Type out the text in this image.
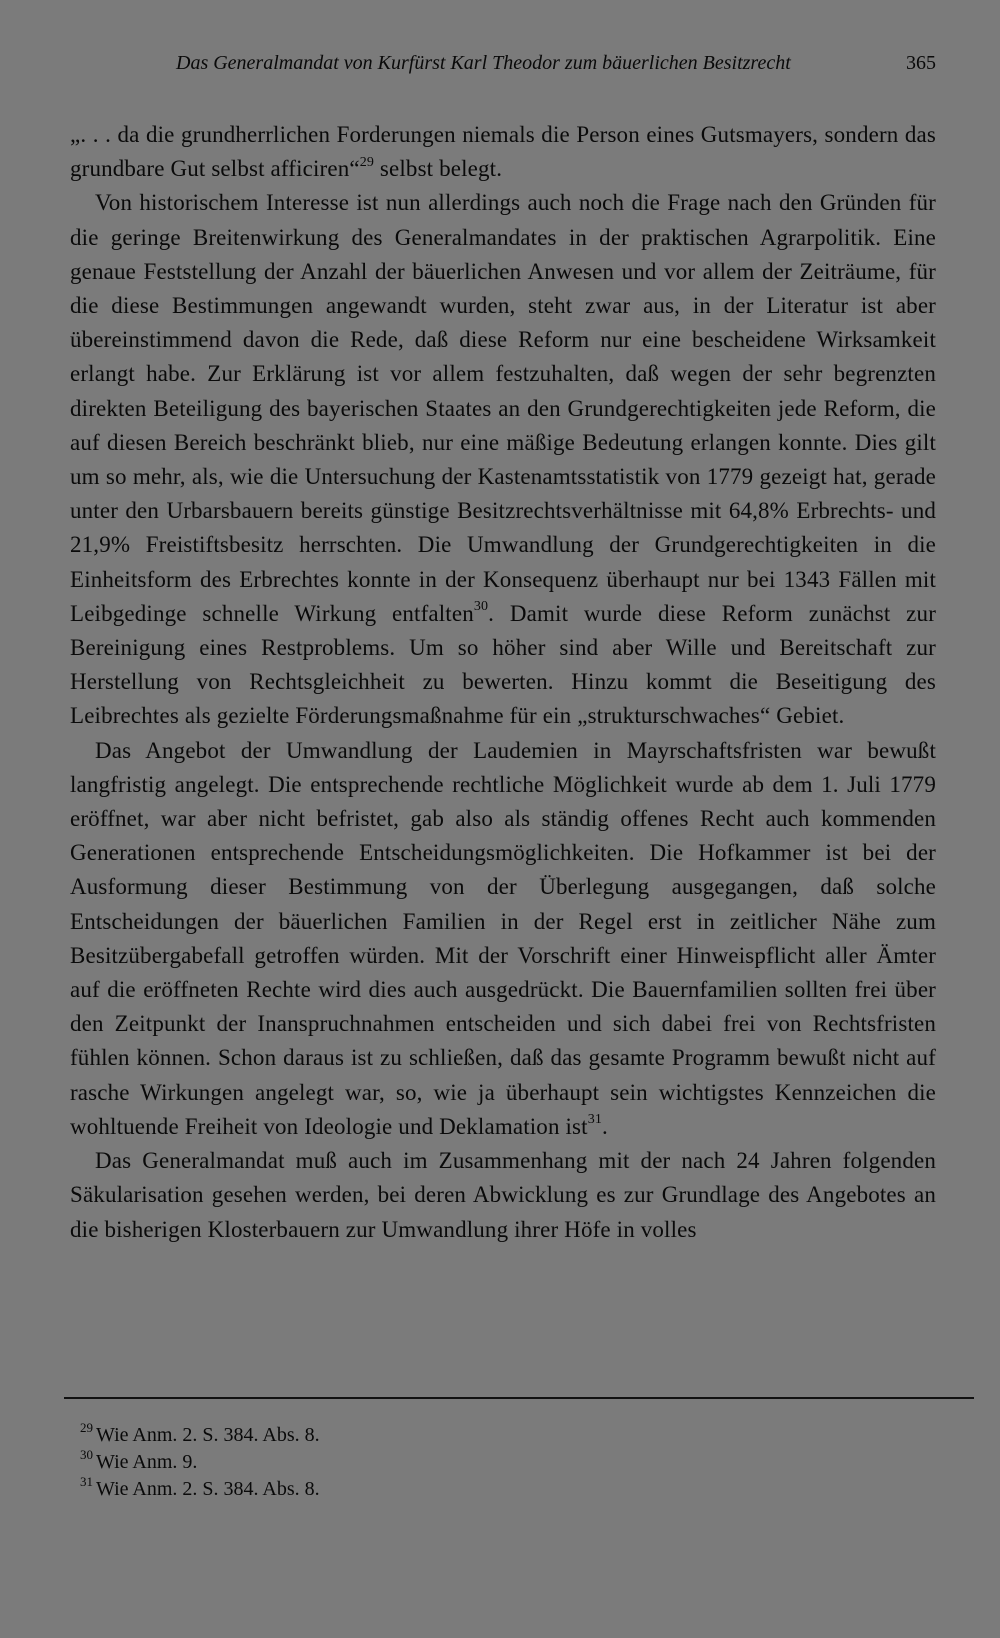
Das Generalmandat von Kurfürst Karl Theodor zum bäuerlichen Besitzrecht	365

„. . . da die grundherrlichen Forderungen niemals die Person eines Gutsmayers, sondern das grundbare Gut selbst afficiren“$^{29}$ selbst belegt.

Von historischem Interesse ist nun allerdings auch noch die Frage nach den Gründen für die geringe Breitenwirkung des Generalmandates in der praktischen Agrarpolitik. Eine genaue Feststellung der Anzahl der bäuerlichen Anwesen und vor allem der Zeiträume, für die diese Bestimmungen angewandt wurden, steht zwar aus, in der Literatur ist aber übereinstimmend davon die Rede, daß diese Reform nur eine bescheidene Wirksamkeit erlangt habe. Zur Erklärung ist vor allem festzuhalten, daß wegen der sehr begrenzten direkten Beteiligung des bayerischen Staates an den Grundgerechtigkeiten jede Reform, die auf diesen Bereich beschränkt blieb, nur eine mäßige Bedeutung erlangen konnte. Dies gilt um so mehr, als, wie die Untersuchung der Kastenamtsstatistik von 1779 gezeigt hat, gerade unter den Urbarsbauern bereits günstige Besitzrechtsverhältnisse mit 64,8% Erbrechts- und 21,9% Freistiftsbesitz herrschten. Die Umwandlung der Grundgerechtigkeiten in die Einheitsform des Erbrechtes konnte in der Konsequenz überhaupt nur bei 1343 Fällen mit Leibgedinge schnelle Wirkung entfalten$^{30}$. Damit wurde diese Reform zunächst zur Bereinigung eines Restproblems. Um so höher sind aber Wille und Bereitschaft zur Herstellung von Rechtsgleichheit zu bewerten. Hinzu kommt die Beseitigung des Leibrechtes als gezielte Förderungsmaßnahme für ein „strukturschwaches“ Gebiet.

Das Angebot der Umwandlung der Laudemien in Mayrschaftsfristen war bewußt langfristig angelegt. Die entsprechende rechtliche Möglichkeit wurde ab dem 1. Juli 1779 eröffnet, war aber nicht befristet, gab also als ständig offenes Recht auch kommenden Generationen entsprechende Entscheidungsmöglichkeiten. Die Hofkammer ist bei der Ausformung dieser Bestimmung von der Überlegung ausgegangen, daß solche Entscheidungen der bäuerlichen Familien in der Regel erst in zeitlicher Nähe zum Besitzübergabefall getroffen würden. Mit der Vorschrift einer Hinweispflicht aller Ämter auf die eröffneten Rechte wird dies auch ausgedrückt. Die Bauernfamilien sollten frei über den Zeitpunkt der Inanspruchnahmen entscheiden und sich dabei frei von Rechtsfristen fühlen können. Schon daraus ist zu schließen, daß das gesamte Programm bewußt nicht auf rasche Wirkungen angelegt war, so, wie ja überhaupt sein wichtigstes Kennzeichen die wohltuende Freiheit von Ideologie und Deklamation ist$^{31}$.

Das Generalmandat muß auch im Zusammenhang mit der nach 24 Jahren folgenden Säkularisation gesehen werden, bei deren Abwicklung es zur Grundlage des Angebotes an die bisherigen Klosterbauern zur Umwandlung ihrer Höfe in volles

$^{29}$ Wie Anm. 2. S. 384. Abs. 8.
$^{30}$ Wie Anm. 9.
$^{31}$ Wie Anm. 2. S. 384. Abs. 8.
